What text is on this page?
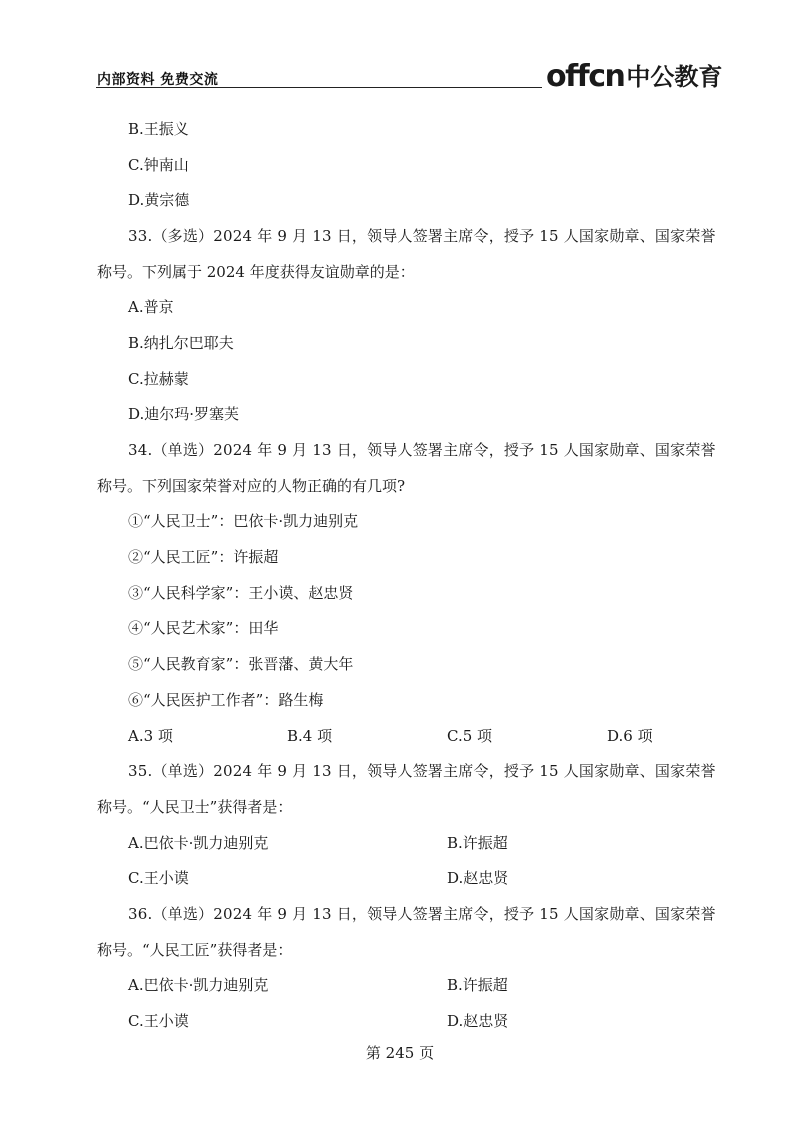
内部资料 免费交流	offcn 中公教育
B.王振义
C.钟南山
D.黄宗德
33.（多选）2024 年 9 月 13 日，领导人签署主席令，授予 15 人国家勋章、国家荣誉
称号。下列属于 2024 年度获得友谊勋章的是：
A.普京
B.纳扎尔巴耶夫
C.拉赫蒙
D.迪尔玛·罗塞芙
34.（单选）2024 年 9 月 13 日，领导人签署主席令，授予 15 人国家勋章、国家荣誉
称号。下列国家荣誉对应的人物正确的有几项?
①“人民卫士”：巴依卡·凯力迪别克
②“人民工匠”：许振超
③“人民科学家”：王小谟、赵忠贤
④“人民艺术家”：田华
⑤“人民教育家”：张晋藩、黄大年
⑥“人民医护工作者”：路生梅
A.3 项	B.4 项	C.5 项	D.6 项
35.（单选）2024 年 9 月 13 日，领导人签署主席令，授予 15 人国家勋章、国家荣誉
称号。“人民卫士”获得者是：
A.巴依卡·凯力迪别克	B.许振超
C.王小谟	D.赵忠贤
36.（单选）2024 年 9 月 13 日，领导人签署主席令，授予 15 人国家勋章、国家荣誉
称号。“人民工匠”获得者是：
A.巴依卡·凯力迪别克	B.许振超
C.王小谟	D.赵忠贤
第 245 页
